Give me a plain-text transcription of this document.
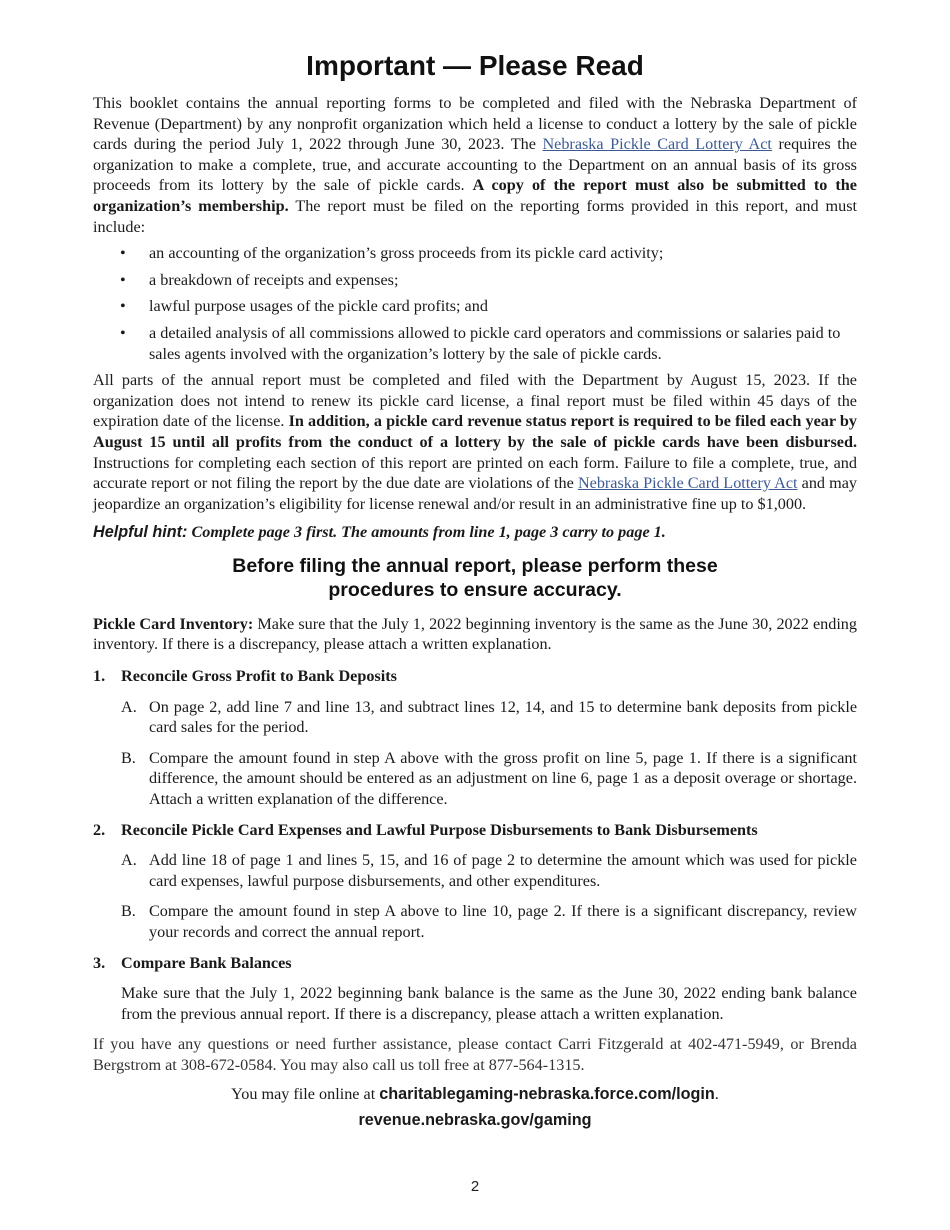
Important — Please Read

This booklet contains the annual reporting forms to be completed and filed with the Nebraska Department of Revenue (Department) by any nonprofit organization which held a license to conduct a lottery by the sale of pickle cards during the period July 1, 2022 through June 30, 2023. The Nebraska Pickle Card Lottery Act requires the organization to make a complete, true, and accurate accounting to the Department on an annual basis of its gross proceeds from its lottery by the sale of pickle cards. A copy of the report must also be submitted to the organization’s membership. The report must be filed on the reporting forms provided in this report, and must include:

• an accounting of the organization’s gross proceeds from its pickle card activity;
• a breakdown of receipts and expenses;
• lawful purpose usages of the pickle card profits; and
• a detailed analysis of all commissions allowed to pickle card operators and commissions or salaries paid to sales agents involved with the organization’s lottery by the sale of pickle cards.

All parts of the annual report must be completed and filed with the Department by August 15, 2023. If the organization does not intend to renew its pickle card license, a final report must be filed within 45 days of the expiration date of the license. In addition, a pickle card revenue status report is required to be filed each year by August 15 until all profits from the conduct of a lottery by the sale of pickle cards have been disbursed. Instructions for completing each section of this report are printed on each form. Failure to file a complete, true, and accurate report or not filing the report by the due date are violations of the Nebraska Pickle Card Lottery Act and may jeopardize an organization’s eligibility for license renewal and/or result in an administrative fine up to $1,000.

Helpful hint: Complete page 3 first. The amounts from line 1, page 3 carry to page 1.
Before filing the annual report, please perform these
procedures to ensure accuracy.

Pickle Card Inventory: Make sure that the July 1, 2022 beginning inventory is the same as the June 30, 2022 ending inventory. If there is a discrepancy, please attach a written explanation.

1. Reconcile Gross Profit to Bank Deposits
A. On page 2, add line 7 and line 13, and subtract lines 12, 14, and 15 to determine bank deposits from pickle card sales for the period.
B. Compare the amount found in step A above with the gross profit on line 5, page 1. If there is a significant difference, the amount should be entered as an adjustment on line 6, page 1 as a deposit overage or shortage. Attach a written explanation of the difference.
2. Reconcile Pickle Card Expenses and Lawful Purpose Disbursements to Bank Disbursements
A. Add line 18 of page 1 and lines 5, 15, and 16 of page 2 to determine the amount which was used for pickle card expenses, lawful purpose disbursements, and other expenditures.
B. Compare the amount found in step A above to line 10, page 2. If there is a significant discrepancy, review your records and correct the annual report.
3. Compare Bank Balances
Make sure that the July 1, 2022 beginning bank balance is the same as the June 30, 2022 ending bank balance from the previous annual report. If there is a discrepancy, please attach a written explanation.

If you have any questions or need further assistance, please contact Carri Fitzgerald at 402-471-5949, or Brenda Bergstrom at 308-672-0584. You may also call us toll free at 877-564-1315.

You may file online at charitablegaming-nebraska.force.com/login.
revenue.nebraska.gov/gaming
2
